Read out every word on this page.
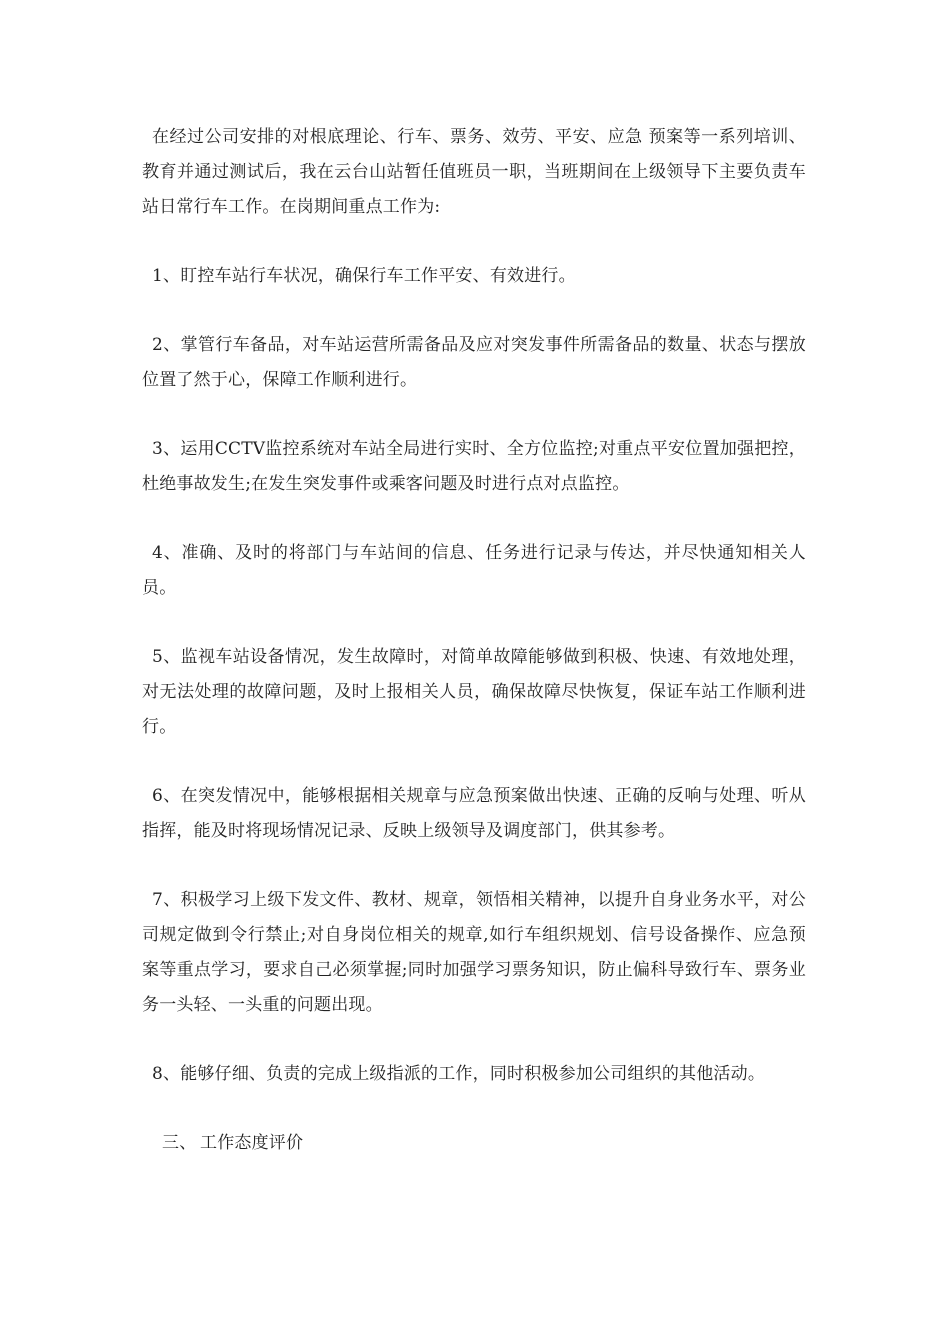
在经过公司安排的对根底理论、行车、票务、效劳、平安、应急 预案等一系列培训、教育并通过测试后，我在云台山站暂任值班员一职，当班期间在上级领导下主要负责车站日常行车工作。在岗期间重点工作为:

1、盯控车站行车状况，确保行车工作平安、有效进行。

2、掌管行车备品，对车站运营所需备品及应对突发事件所需备品的数量、状态与摆放位置了然于心，保障工作顺利进行。

3、运用CCTV监控系统对车站全局进行实时、全方位监控;对重点平安位置加强把控，杜绝事故发生;在发生突发事件或乘客问题及时进行点对点监控。

4、准确、及时的将部门与车站间的信息、任务进行记录与传达，并尽快通知相关人员。

5、监视车站设备情况，发生故障时，对简单故障能够做到积极、快速、有效地处理，对无法处理的故障问题，及时上报相关人员，确保故障尽快恢复，保证车站工作顺利进行。

6、在突发情况中，能够根据相关规章与应急预案做出快速、正确的反响与处理、听从指挥，能及时将现场情况记录、反映上级领导及调度部门，供其参考。

7、积极学习上级下发文件、教材、规章，领悟相关精神，以提升自身业务水平，对公司规定做到令行禁止;对自身岗位相关的规章,如行车组织规划、信号设备操作、应急预案等重点学习，要求自己必须掌握;同时加强学习票务知识，防止偏科导致行车、票务业务一头轻、一头重的问题出现。

8、能够仔细、负责的完成上级指派的工作，同时积极参加公司组织的其他活动。

三、 工作态度评价
